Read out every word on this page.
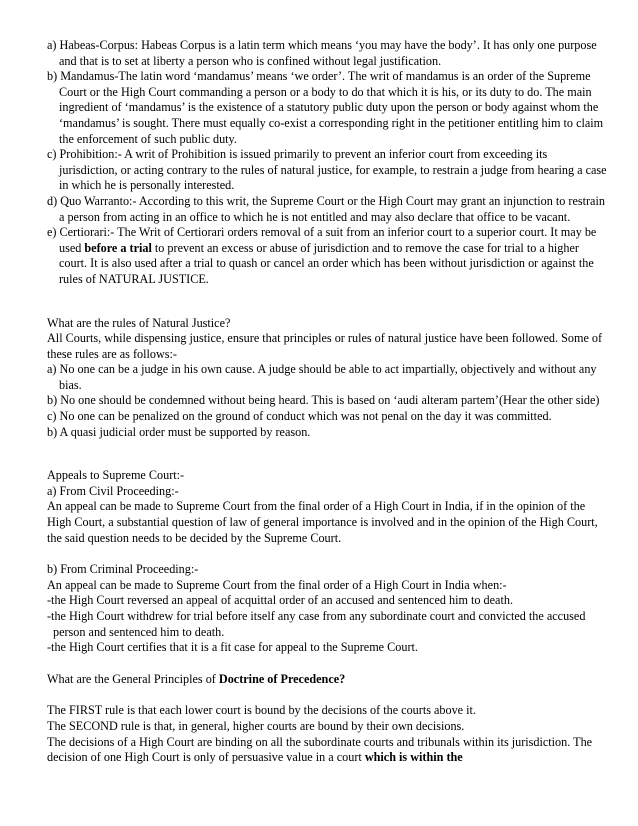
a) Habeas-Corpus: Habeas Corpus is a latin term which means ‘you may have the body’. It has only one purpose and that is to set at liberty a person who is confined without legal justification.

b) Mandamus-The latin word ‘mandamus’ means ‘we order’. The writ of mandamus is an order of the Supreme Court or the High Court commanding a person or a body to do that which it is his, or its duty to do. The main ingredient of ‘mandamus’ is the existence of a statutory public duty upon the person or body against whom the ‘mandamus’ is sought. There must equally co-exist a corresponding right in the petitioner entitling him to claim the enforcement of such public duty.

c) Prohibition:- A writ of Prohibition is issued primarily to prevent an inferior court from exceeding its jurisdiction, or acting contrary to the rules of natural justice, for example, to restrain a judge from hearing a case in which he is personally interested.

d) Quo Warranto:- According to this writ, the Supreme Court or the High Court may grant an injunction to restrain a person from acting in an office to which he is not entitled and may also declare that office to be vacant.

e) Certiorari:- The Writ of Certiorari orders removal of a suit from an inferior court to a superior court. It may be used before a trial to prevent an excess or abuse of jurisdiction and to remove the case for trial to a higher court. It is also used after a trial to quash or cancel an order which has been without jurisdiction or against the rules of NATURAL JUSTICE.

What are the rules of Natural Justice?

All Courts, while dispensing justice, ensure that principles or rules of natural justice have been followed. Some of these rules are as follows:-

a) No one can be a judge in his own cause. A judge should be able to act impartially, objectively and without any bias.

b) No one should be condemned without being heard. This is based on ‘audi alteram partem’(Hear the other side)

c) No one can be penalized on the ground of conduct which was not penal on the day it was committed.

b) A quasi judicial order must be supported by reason.

Appeals to Supreme Court:-

a) From Civil Proceeding:-

An appeal can be made to Supreme Court from the final order of a High Court in India, if in the opinion of the High Court, a substantial question of law of general importance is involved and in the opinion of the High Court, the said question needs to be decided by the Supreme Court.

b) From Criminal Proceeding:-

An appeal can be made to Supreme Court from the final order of a High Court in India when:-

-the High Court reversed an appeal of acquittal order of an accused and sentenced him to death.

-the High Court withdrew for trial before itself any case from any subordinate court and convicted the accused person and sentenced him to death.

-the High Court certifies that it is a fit case for appeal to the Supreme Court.

What are the General Principles of Doctrine of Precedence?

The FIRST rule is that each lower court is bound by the decisions of the courts above it.

The SECOND rule is that, in general, higher courts are bound by their own decisions.

The decisions of a High Court are binding on all the subordinate courts and tribunals within its jurisdiction. The decision of one High Court is only of persuasive value in a court which is within the
